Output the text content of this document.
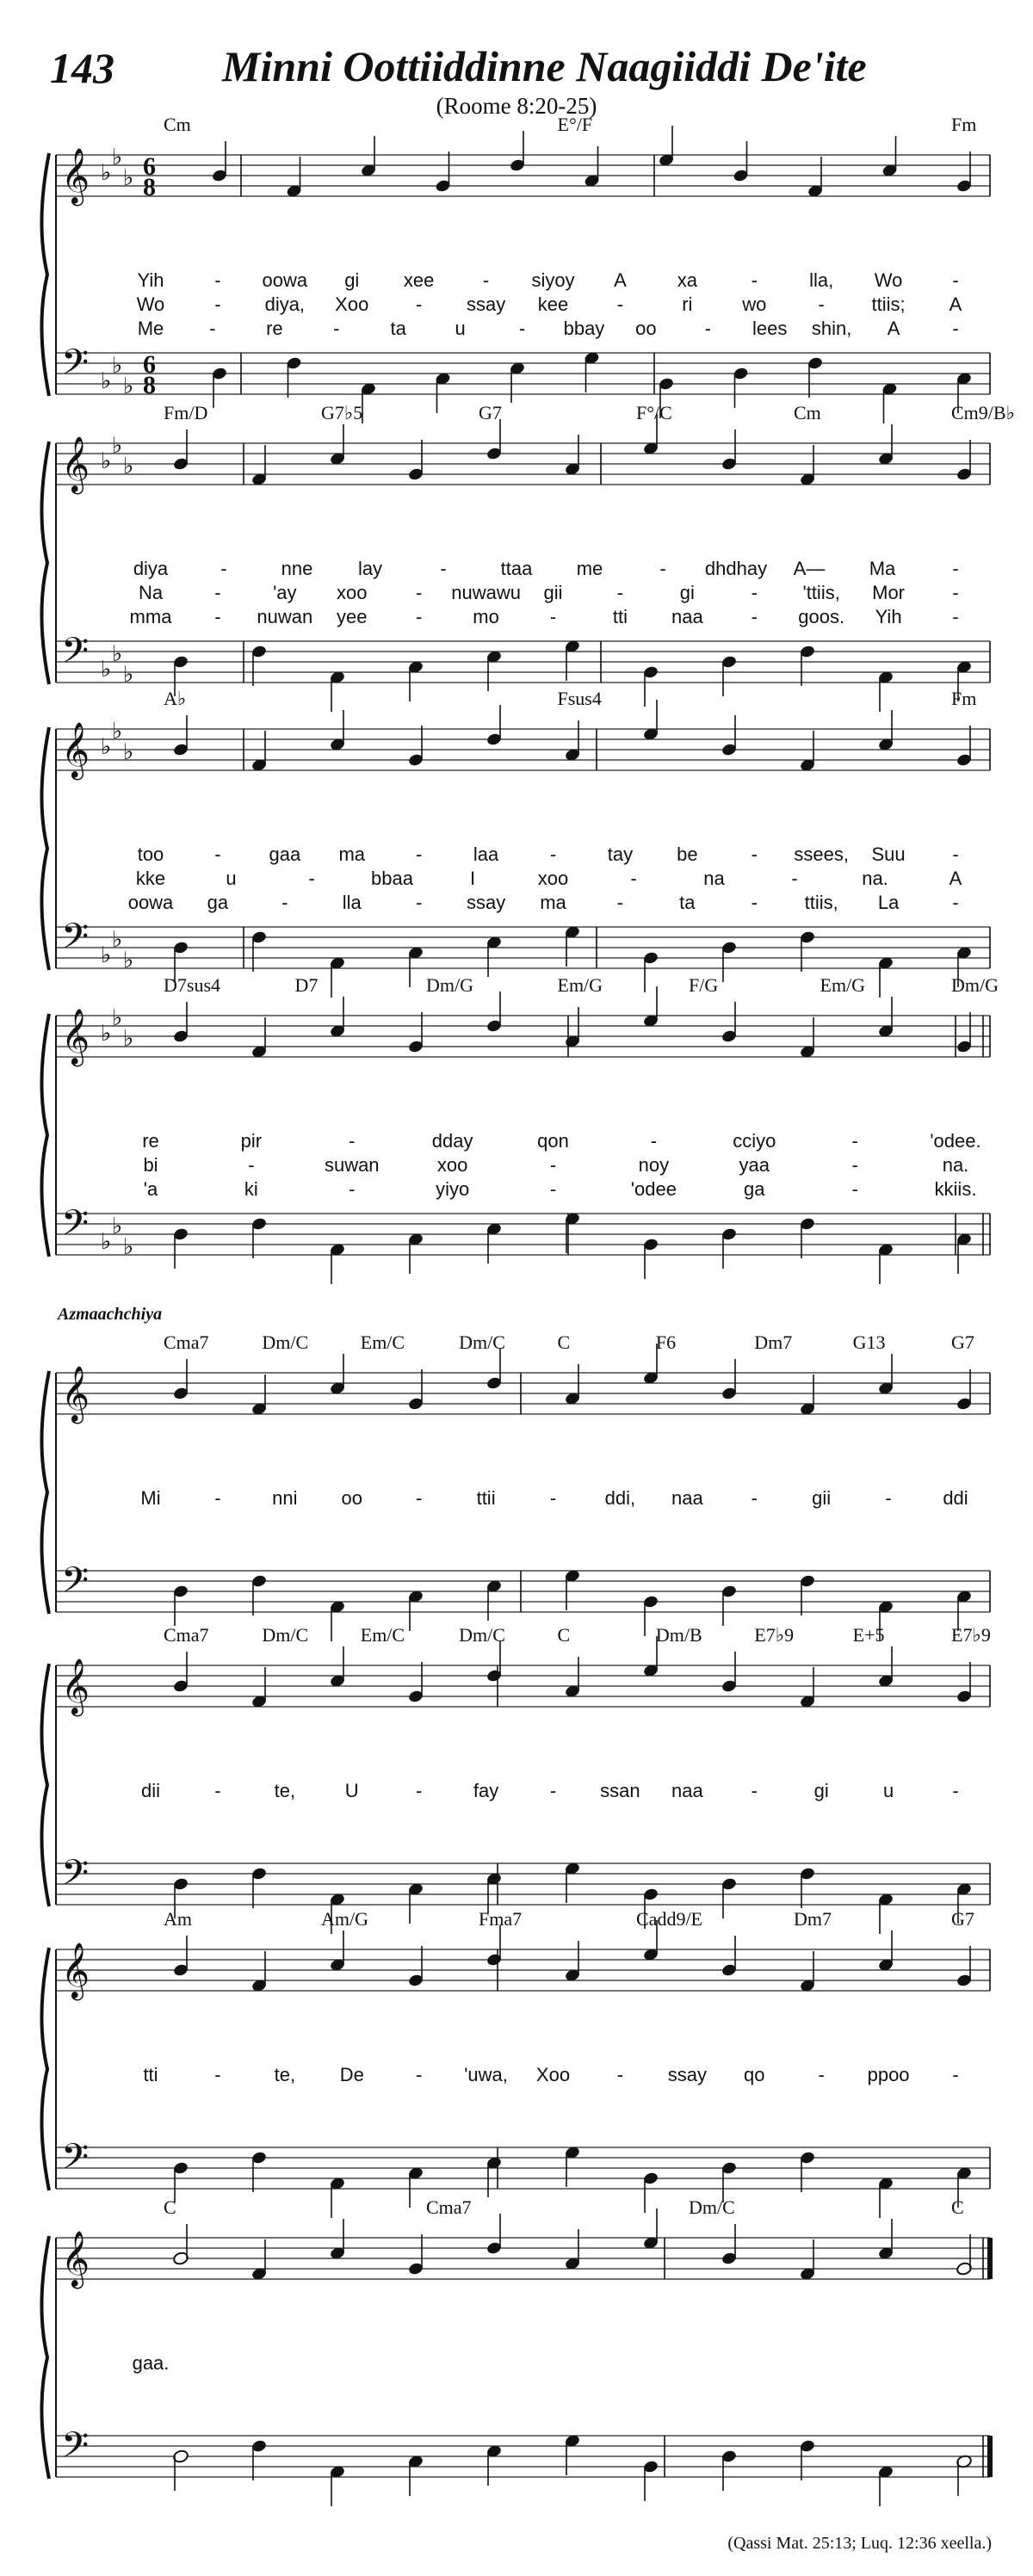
143	Minni Oottiiddinne Naagiiddi De'ite
(Roome 8:20-25)
𝄞
𝄢
♭
♭
♭
♭
♭
♭
6
8
6
8
Cm	E°/F	Fm
Yih	- oowa gi xee	- siyoy A	xa	-	lla, Wo	-
Wo	- diya, Xoo - ssay kee	-	ri	wo	- ttiis; A
Me -	re	-	ta	u	- bbay oo	- lees shin, A	-
𝄞
𝄢
♭
♭
♭
♭
♭
♭
Fm/D	G7♭5	G7	F°/C	Cm	Cm9/B♭
diya	-	nne lay	-	ttaa me	- dhdhay A— Ma	-
Na	-	'ay xoo	- nuwawu gii	-	gi	- 'ttiis, Mor	-
mma - nuwan yee	-	mo	-	tti naa	- goos. Yih	-
𝄞
𝄢
♭
♭
♭
♭
♭
♭
A♭	Fsus4	Fm
too	-	gaa ma	-	laa	-	tay be	- ssees, Suu -
kke	u	-	bbaa	I	xoo	-	na	-	na.	A
oowa ga	-	lla	- ssay ma	-	ta	- ttiis, La	-
𝄞
𝄢
♭
♭
♭
♭
♭
♭
D7sus4	D7	Dm/G	Em/G	F/G	Em/G	Dm/G
re	pir	-	dday	qon	-	cciyo	-	'odee.
bi	-	suwan	xoo	-	noy	yaa	-	na.
'a	ki	-	yiyo	-	'odee	ga	-	kkiis.
𝄞
𝄢
Cma7	Dm/C	Em/C	Dm/C	C	F6	Dm7	G13	G7
Azmaachchiya
Mi	-	nni oo	-	ttii	-	ddi, naa	-	gii	-	ddi
𝄞
𝄢
Cma7	Dm/C	Em/C	Dm/C	C	Dm/B	E7♭9	E+5	E7♭9
dii	-	te,	U	-	fay	- ssan naa	-	gi	u	-
𝄞
𝄢
Am	Am/G	Fma7	Cadd9/E	Dm7	G7
tti	-	te, De	- 'uwa, Xoo - ssay qo	- ppoo -
𝄞
𝄢
C	Cma7	Dm/C	C
gaa.
(Qassi Mat. 25:13; Luq. 12:36 xeella.)
